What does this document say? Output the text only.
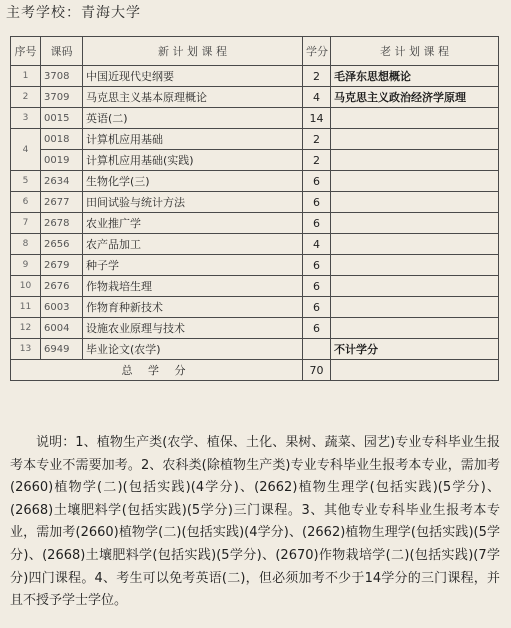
主考学校：青海大学
序号	课码	新 计 划 课 程	学分	老 计 划 课 程
1	3708	中国近现代史纲要	2	毛泽东思想概论
2	3709	马克思主义基本原理概论	4	马克思主义政治经济学原理
3	0015	英语(二)	14	
4	0018	计算机应用基础	2	
	0019	计算机应用基础(实践)	2	
5	2634	生物化学(三)	6	
6	2677	田间试验与统计方法	6	
7	2678	农业推广学	6	
8	2656	农产品加工	4	
9	2679	种子学	6	
10	2676	作物栽培生理	6	
11	6003	作物育种新技术	6	
12	6004	设施农业原理与技术	6	
13	6949	毕业论文(农学)		不计学分
总 学 分			70	

说明：1、植物生产类(农学、植保、土化、果树、蔬菜、园艺)专业专科毕业生报考本专业不需要加考。2、农科类(除植物生产类)专业专科毕业生报考本专业，需加考(2660)植物学(二)(包括实践)(4学分)、(2662)植物生理学(包括实践)(5学分)、(2668)土壤肥料学(包括实践)(5学分)三门课程。3、其他专业专科毕业生报考本专业，需加考(2660)植物学(二)(包括实践)(4学分)、(2662)植物生理学(包括实践)(5学分)、(2668)土壤肥料学(包括实践)(5学分)、(2670)作物栽培学(二)(包括实践)(7学分)四门课程。4、考生可以免考英语(二)，但必须加考不少于14学分的三门课程，并且不授予学士学位。
